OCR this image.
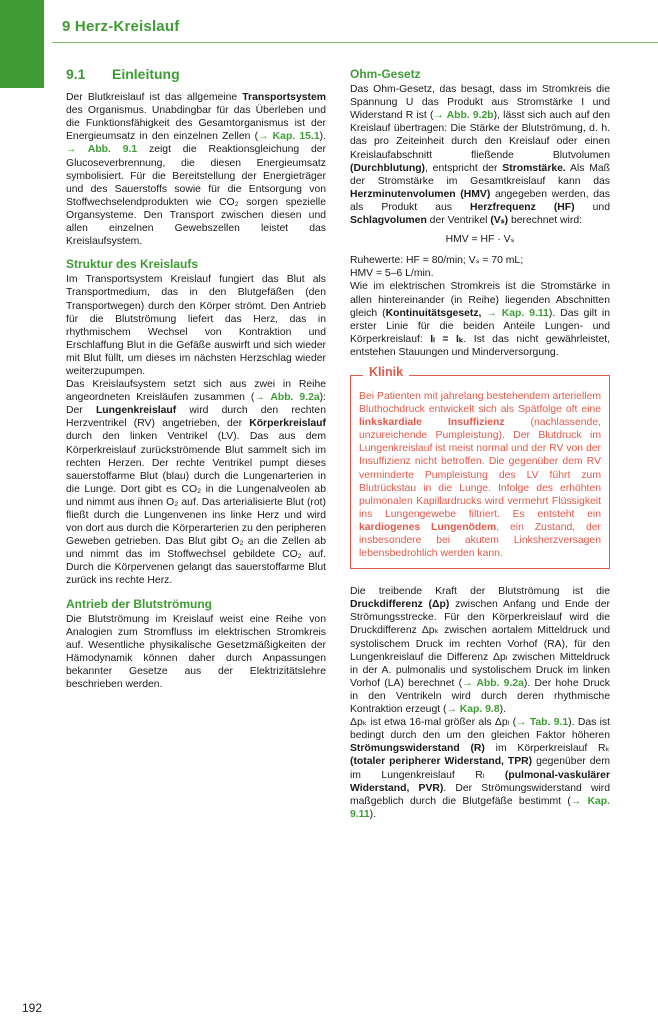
9 Herz-Kreislauf
9.1 Einleitung

Der Blutkreislauf ist das allgemeine Transportsystem des Organismus. Unabdingbar für das Überleben und die Funktionsfähigkeit des Gesamtorganismus ist der Energieumsatz in den einzelnen Zellen (→ Kap. 15.1). → Abb. 9.1 zeigt die Reaktionsgleichung der Glucoseverbrennung, die diesen Energieumsatz symbolisiert. Für die Bereitstellung der Energieträger und des Sauerstoffs sowie für die Entsorgung von Stoffwechselendprodukten wie CO₂ sorgen spezielle Organsysteme. Den Transport zwischen diesen und allen einzelnen Gewebszellen leistet das Kreislaufsystem.

Struktur des Kreislaufs

Im Transportsystem Kreislauf fungiert das Blut als Transportmedium, das in den Blutgefäßen (den Transportwegen) durch den Körper strömt. Den Antrieb für die Blutströmung liefert das Herz, das in rhythmischem Wechsel von Kontraktion und Erschlaffung Blut in die Gefäße auswirft und sich wieder mit Blut füllt, um dieses im nächsten Herzschlag wieder weiterzupumpen.

Das Kreislaufsystem setzt sich aus zwei in Reihe angeordneten Kreisläufen zusammen (→ Abb. 9.2a): Der Lungenkreislauf wird durch den rechten Herzventrikel (RV) angetrieben, der Körperkreislauf durch den linken Ventrikel (LV). Das aus dem Körperkreislauf zurückströmende Blut sammelt sich im rechten Herzen. Der rechte Ventrikel pumpt dieses sauerstoffarme Blut (blau) durch die Lungenarterien in die Lunge. Dort gibt es CO₂ in die Lungenalveolen ab und nimmt aus ihnen O₂ auf. Das arterialisierte Blut (rot) fließt durch die Lungenvenen ins linke Herz und wird von dort aus durch die Körperarterien zu den peripheren Geweben getrieben. Das Blut gibt O₂ an die Zellen ab und nimmt das im Stoffwechsel gebildete CO₂ auf. Durch die Körpervenen gelangt das sauerstoffarme Blut zurück ins rechte Herz.

Antrieb der Blutströmung

Die Blutströmung im Kreislauf weist eine Reihe von Analogien zum Stromfluss im elektrischen Stromkreis auf. Wesentliche physikalische Gesetzmäßigkeiten der Hämodynamik können daher durch Anpassungen bekannter Gesetze aus der Elektrizitätslehre beschrieben werden.

Ohm-Gesetz

Das Ohm-Gesetz, das besagt, dass im Stromkreis die Spannung U das Produkt aus Stromstärke I und Widerstand R ist (→ Abb. 9.2b), lässt sich auch auf den Kreislauf übertragen: Die Stärke der Blutströmung, d. h. das pro Zeiteinheit durch den Kreislauf oder einen Kreislaufabschnitt fließende Blutvolumen (Durchblutung), entspricht der Stromstärke. Als Maß der Stromstärke im Gesamtkreislauf kann das Herzminutenvolumen (HMV) angegeben werden, das als Produkt aus Herzfrequenz (HF) und Schlagvolumen der Ventrikel (Vₛ) berechnet wird:

HMV = HF · Vₛ

Ruhewerte: HF = 80/min; Vₛ = 70 mL;

HMV = 5–6 L/min.

Wie im elektrischen Stromkreis ist die Stromstärke in allen hintereinander (in Reihe) liegenden Abschnitten gleich (Kontinuitätsgesetz, → Kap. 9.11). Das gilt in erster Linie für die beiden Anteile Lungen- und Körperkreislauf: Iₗ = Iₖ. Ist das nicht gewährleistet, entstehen Stauungen und Minderversorgung.

Klinik

Bei Patienten mit jahrelang bestehendem arteriellem Bluthochdruck entwickelt sich als Spätfolge oft eine linkskardiale Insuffizienz (nachlassende, unzureichende Pumpleistung). Der Blutdruck im Lungenkreislauf ist meist normal und der RV von der Insuffizienz nicht betroffen. Die gegenüber dem RV verminderte Pumpleistung des LV führt zum Blutrückstau in die Lunge. Infolge des erhöhten pulmonalen Kapillardrucks wird vermehrt Flüssigkeit ins Lungengewebe filtriert. Es entsteht ein kardiogenes Lungenödem, ein Zustand, der insbesondere bei akutem Linksherzversagen lebensbedrohlich werden kann.

Die treibende Kraft der Blutströmung ist die Druckdifferenz (Δp) zwischen Anfang und Ende der Strömungsstrecke. Für den Körperkreislauf wird die Druckdifferenz Δpₖ zwischen aortalem Mitteldruck und systolischem Druck im rechten Vorhof (RA), für den Lungenkreislauf die Differenz Δpₗ zwischen Mitteldruck in der A. pulmonalis und systolischem Druck im linken Vorhof (LA) berechnet (→ Abb. 9.2a). Der hohe Druck in den Ventrikeln wird durch deren rhythmische Kontraktion erzeugt (→ Kap. 9.8).

Δpₖ ist etwa 16-mal größer als Δpₗ (→ Tab. 9.1). Das ist bedingt durch den um den gleichen Faktor höheren Strömungswiderstand (R) im Körperkreislauf Rₖ (totaler peripherer Widerstand, TPR) gegenüber dem im Lungenkreislauf Rₗ (pulmonal-vaskulärer Widerstand, PVR). Der Strömungswiderstand wird maßgeblich durch die Blutgefäße bestimmt (→ Kap. 9.11).

192
